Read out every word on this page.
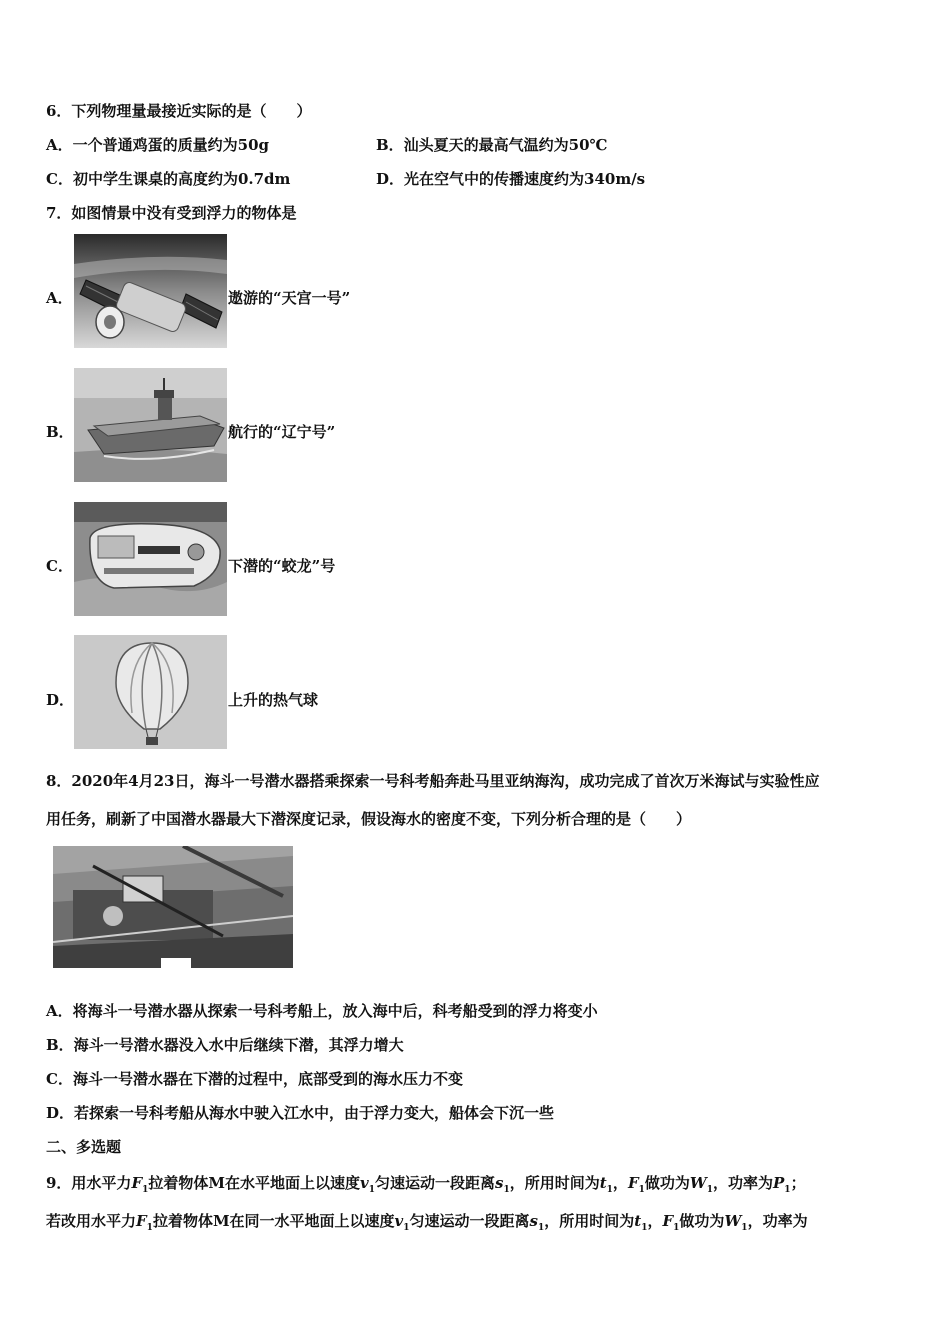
6．下列物理量最接近实际的是（　　）
A．一个普通鸡蛋的质量约为50g	B．汕头夏天的最高气温约为50℃
C．初中学生课桌的高度约为0.7dm	D．光在空气中的传播速度约为340m/s
7．如图情景中没有受到浮力的物体是
A．	遨游的“天宫一号”
B．	航行的“辽宁号”
C．	下潜的“蛟龙”号
D．	上升的热气球
8．2020年4月23日，海斗一号潜水器搭乘探索一号科考船奔赴马里亚纳海沟，成功完成了首次万米海试与实验性应
用任务，刷新了中国潜水器最大下潜深度记录，假设海水的密度不变，下列分析合理的是（　　）
A．将海斗一号潜水器从探索一号科考船上，放入海中后，科考船受到的浮力将变小
B．海斗一号潜水器没入水中后继续下潜，其浮力增大
C．海斗一号潜水器在下潜的过程中，底部受到的海水压力不变
D．若探索一号科考船从海水中驶入江水中，由于浮力变大，船体会下沉一些
二、多选题
9．用水平力$F_1$拉着物体M在水平地面上以速度$v_1$匀速运动一段距离$s_1$，所用时间为$t_1$，$F_1$做功为$W_1$，功率为$P_1$；
若改用水平力$F_1$拉着物体M在同一水平地面上以速度$v_1$匀速运动一段距离$s_1$，所用时间为$t_1$，$F_1$做功为$W_1$，功率为
